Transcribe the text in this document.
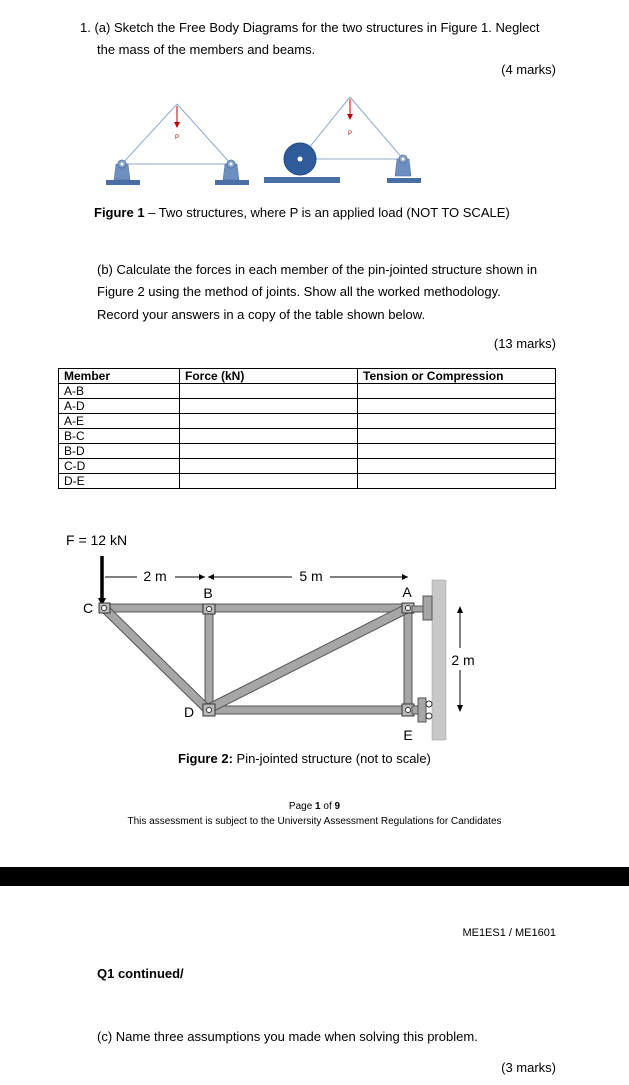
1. (a) Sketch the Free Body Diagrams for the two structures in Figure 1. Neglect
the mass of the members and beams.
(4 marks)
P
P
Figure 1 – Two structures, where P is an applied load (NOT TO SCALE)
(b) Calculate the forces in each member of the pin-jointed structure shown in
Figure 2 using the method of joints. Show all the worked methodology.
Record your answers in a copy of the table shown below.
(13 marks)
Member	Force (kN)	Tension or Compression
A-B		
A-D		
A-E		
B-C		
B-D		
C-D		
D-E		
F = 12 kN
2 m	5 m
B	A
C
D
E
2 m
Figure 2: Pin-jointed structure (not to scale)
Page 1 of 9
This assessment is subject to the University Assessment Regulations for Candidates
ME1ES1 / ME1601
Q1 continued/
(c) Name three assumptions you made when solving this problem.
(3 marks)
